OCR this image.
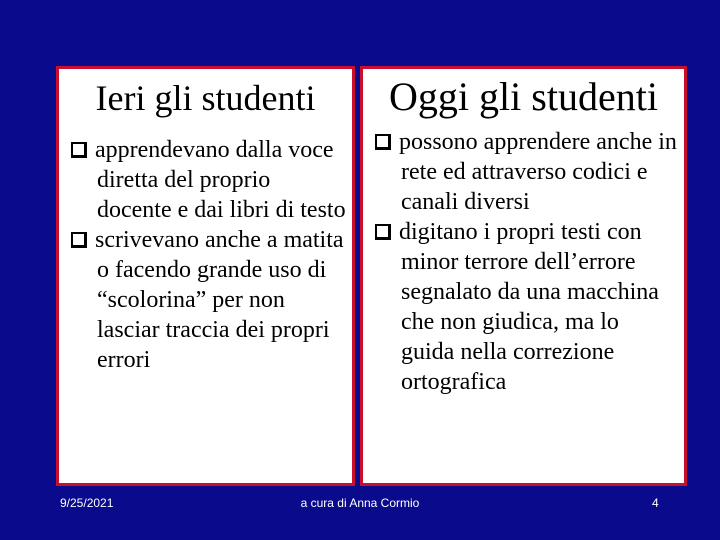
Ieri gli studenti
apprendevano dalla voce diretta del proprio docente e dai libri di testo
scrivevano anche a matita o facendo grande uso di “scolorina” per non lasciar traccia dei propri errori
Oggi gli studenti
possono apprendere anche in rete ed attraverso codici e canali diversi
digitano i propri testi con minor terrore dell’errore segnalato da una macchina che non giudica, ma lo guida nella correzione ortografica
9/25/2021	a cura di Anna Cormio	4
